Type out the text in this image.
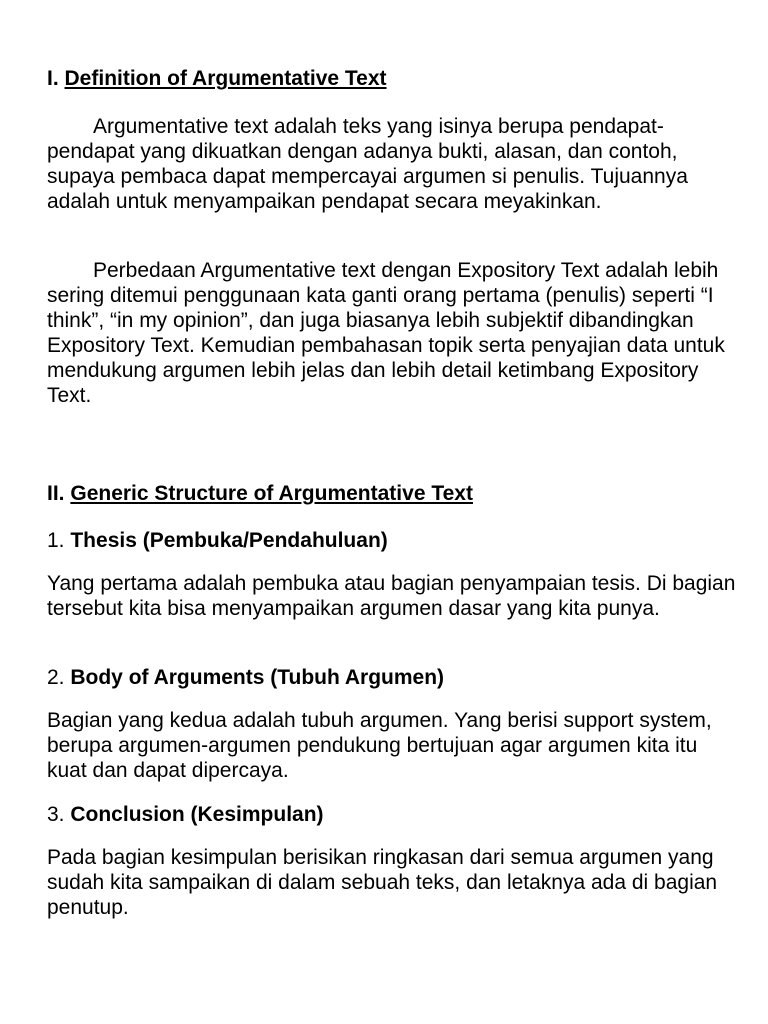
I. Definition of Argumentative Text

Argumentative text adalah teks yang isinya berupa pendapat-pendapat yang dikuatkan dengan adanya bukti, alasan, dan contoh, supaya pembaca dapat mempercayai argumen si penulis. Tujuannya adalah untuk menyampaikan pendapat secara meyakinkan.

Perbedaan Argumentative text dengan Expository Text adalah lebih sering ditemui penggunaan kata ganti orang pertama (penulis) seperti “I think”, “in my opinion”, dan juga biasanya lebih subjektif dibandingkan Expository Text. Kemudian pembahasan topik serta penyajian data untuk mendukung argumen lebih jelas dan lebih detail ketimbang Expository Text.

II. Generic Structure of Argumentative Text

1. Thesis (Pembuka/Pendahuluan)

Yang pertama adalah pembuka atau bagian penyampaian tesis. Di bagian tersebut kita bisa menyampaikan argumen dasar yang kita punya.

2. Body of Arguments (Tubuh Argumen)

Bagian yang kedua adalah tubuh argumen. Yang berisi support system, berupa argumen-argumen pendukung bertujuan agar argumen kita itu kuat dan dapat dipercaya.

3. Conclusion (Kesimpulan)

Pada bagian kesimpulan berisikan ringkasan dari semua argumen yang sudah kita sampaikan di dalam sebuah teks, dan letaknya ada di bagian penutup.
